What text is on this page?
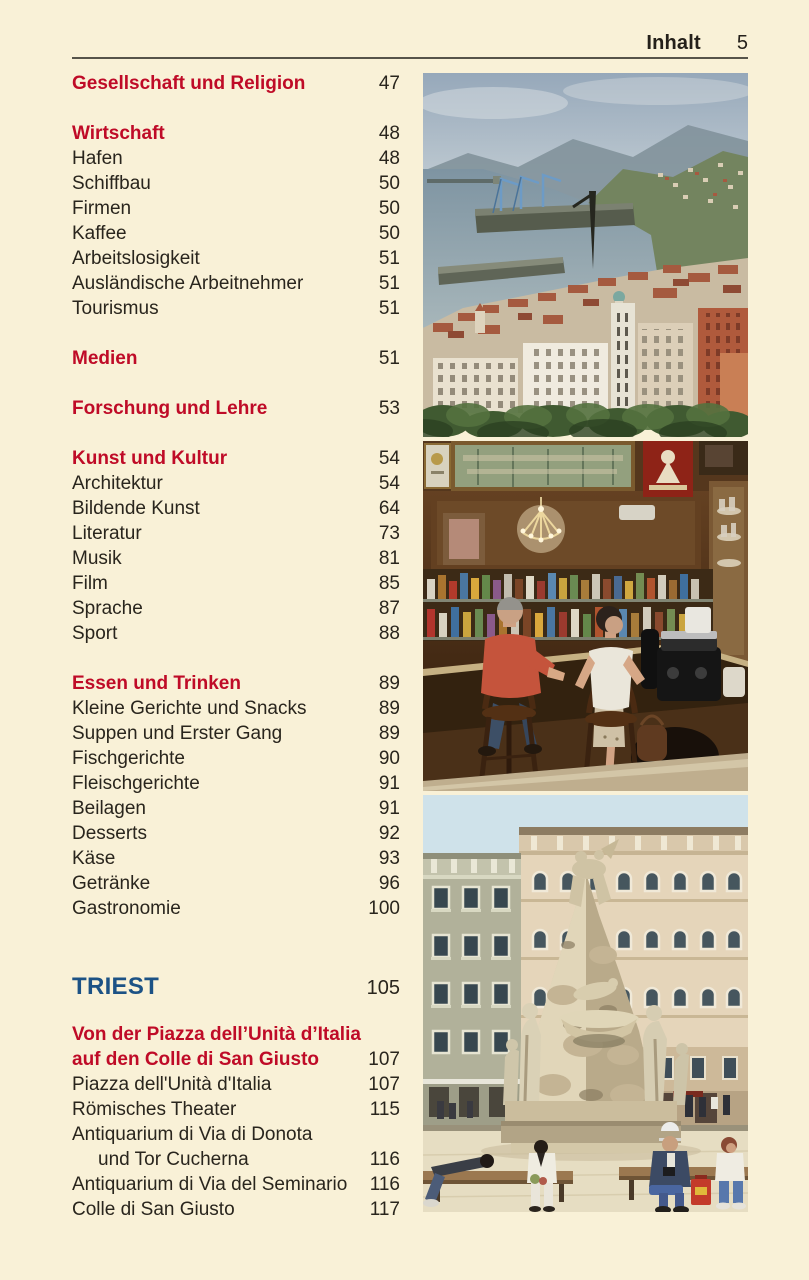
Inhalt 5
Gesellschaft und Religion	47
Wirtschaft	48
Hafen	48
Schiffbau	50
Firmen	50
Kaffee	50
Arbeitslosigkeit	51
Ausländische Arbeitnehmer	51
Tourismus	51
Medien	51
Forschung und Lehre	53
Kunst und Kultur	54
Architektur	54
Bildende Kunst	64
Literatur	73
Musik	81
Film	85
Sprache	87
Sport	88
Essen und Trinken	89
Kleine Gerichte und Snacks	89
Suppen und Erster Gang	89
Fischgerichte	90
Fleischgerichte	91
Beilagen	91
Desserts	92
Käse	93
Getränke	96
Gastronomie	100
TRIEST	105
Von der Piazza dell’Unità d’Italia
auf den Colle di San Giusto	107
Piazza dell'Unità d'Italia	107
Römisches Theater	115
Antiquarium di Via di Donota
und Tor Cucherna	116
Antiquarium di Via del Seminario	116
Colle di San Giusto	117
